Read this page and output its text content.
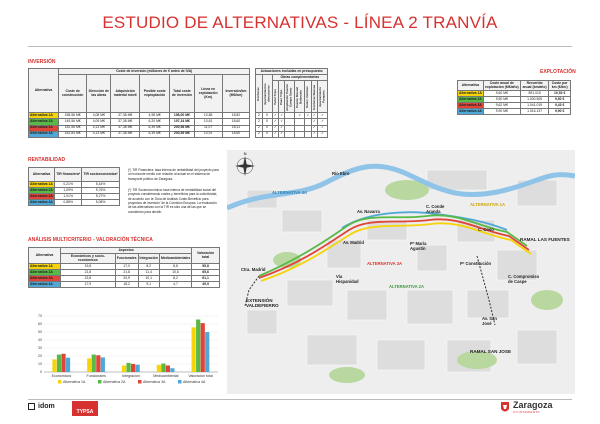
ESTUDIO DE ALTERNATIVAS - LÍNEA 2 TRANVÍA
INVERSIÓN
Alternativa	Coste de inversión (millones de € antes de IVA)								Actuaciones incluidas en presupuesto								
	Coste de construcción	Dirección de las obras	Adquisición material móvil	Posible coste expropiación	Total coste de inversión	Línea en explotación (Km)	Inversión/km (M€/km)		Cocheras	Aparcamientos disuasorios	Obras complementarias						

											Tunel Tripo	Paso Tripo	Ampliación Puente Campo Santo	Puente Manuel Balanzate	Soterr. Delicias	Cocheras Nuevas	Aparcamiento Parquinc

Alternativa 1A	158,56 M€	4,08 M€	37,38 M€	4,98 M€	198,00 M€	10,86	18,82		2	0	✓	✓		✓	✓	✓	✓
Alternativa 2A	149,56 M€	4,09 M€	37,38 M€	6,20 M€	197,34 M€	10,61	18,60		2	0	✓	✓				✓	✓
Alternativa 3A	152,55 M€	4,13 M€	37,38 M€	6,39 M€	200,58 M€	11,07	18,11		2	0	✓	✓				✓	✓
Alternativa 4A	152,84 M€	4,13 M€	37,38 M€	6,39 M€	200,55 M€	10,91	18,60		2	0	✓	✓				✓	✓
EXPLOTACIÓN
Alternativa	Coste anual de explotación (M€/año)	Recorrido anual (km/año)	Coste por km (€/km)
Alternativa 1A	9,60 M€	891.015	10,53 €
Alternativa 2A	9,50 M€	1.000.505	9,50 €
Alternativa 3A	9,62 M€	1.041.019	9,43 €
Alternativa 4A	9,90 M€	1.016.137	9,90 €
RENTABILIDAD
Alternativa	TIR financiera*	TIR socioeconómica*
Alternativa 1A	0,21%	5,44%
Alternativa 2A	1,09%	5,76%
Alternativa 3A	1,01%	5,27%
Alternativa 4A	0,88%	5,08%
(*) TIR Financiera: tasa interna de rentabilidad del proyecto para un horizonte medio con relación al actual en el sistema de transporte público de Zaragoza.
(*) TIR Socioeconómica: tasa interna de rentabilidad social del proyecto considerando costes y beneficios para la colectividad, de acuerdo con la 'Guía de Análisis Coste-Beneficio para proyectos de inversión' de la Comisión Europea. La evaluación de las alternativas con la TIR es sólo una de las que se consideran para decidir.
ANÁLISIS MULTICRITERIO - VALORACIÓN TÉCNICA
Alternativa	Aspectos				Valoración total
	Económicos y socio-económicos	Funcionales	Integración	Medioambientales	
Alternativa 1A	15,8	17,0	8,2	8,8	55,8
Alternativa 2A	21,8	21,8	11,4	10,6	65,6
Alternativa 3A	22,8	20,9	10,1	8,2	61,1
Alternativa 4A	17,9	18,2	9,1	4,7	49,9
0
10
20
30
40
50
60
70
Económicos	Funcionales	Integración	Medioambiental	Valoración total
Alternativa 1A	Alternativa 2A	Alternativa 3A	Alternativa 4A
N
Río Ebro
ALTERNATIVA 4A
ALTERNATIVA 1A
Av. Navarra
C. Conde Aranda
C. Coso
Av. Madrid	Pº María Agustín
RAMAL LAS FUENTES
Ctra. Madrid
ALTERNATIVA 3A	Pº Constitución
Vía Hispanidad
ALTERNATIVA 2A
C. Compromiso de Caspe
Av. San José
EXTENSIÓN VALDEFIERRO
RAMAL SAN JOSE
idom
TYPSA
Zaragoza
AYUNTAMIENTO
